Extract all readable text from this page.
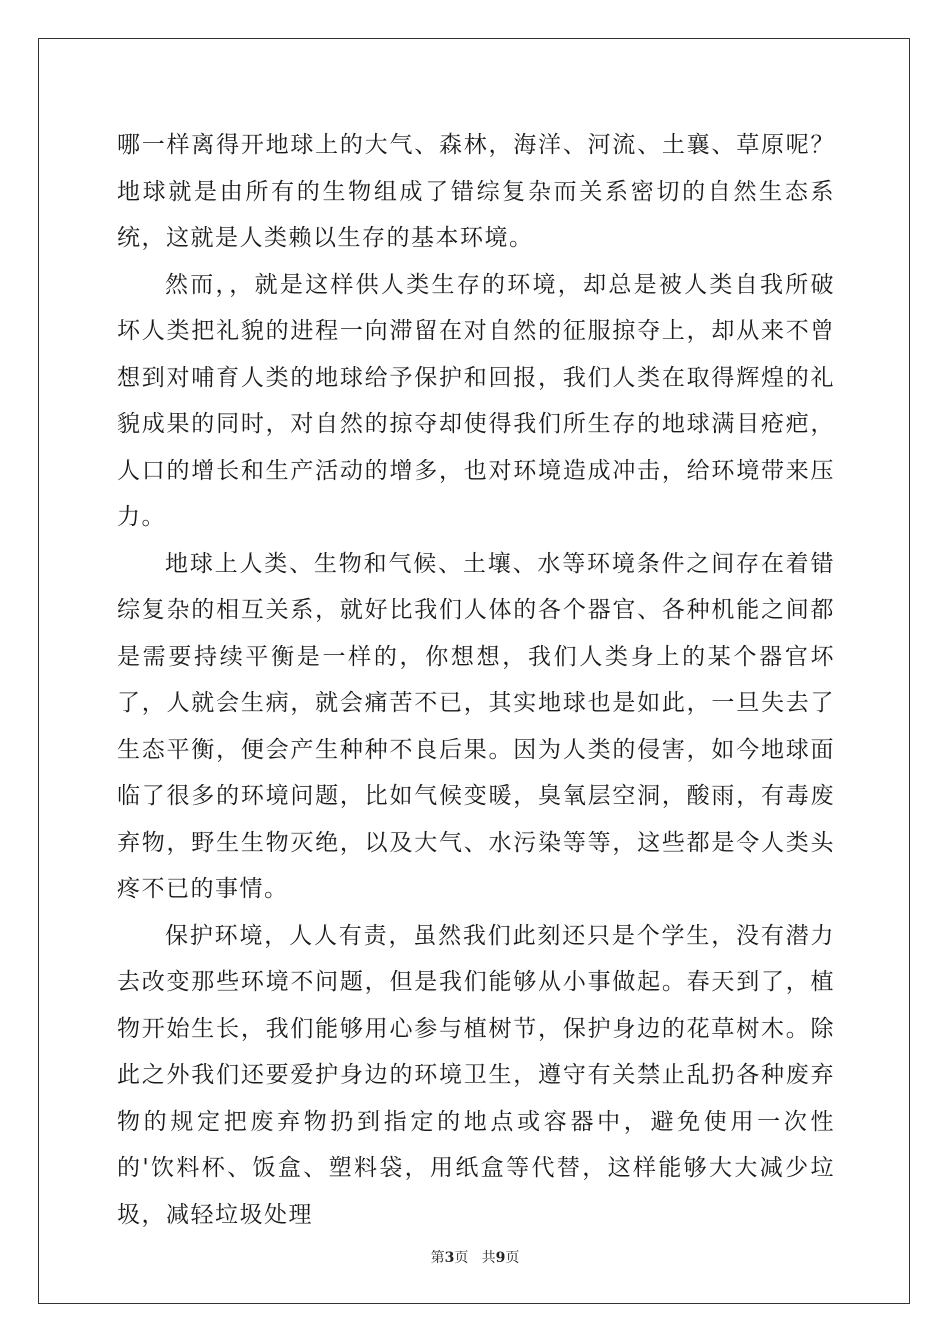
哪一样离得开地球上的大气、森林，海洋、河流、土襄、草原呢？地球就是由所有的生物组成了错综复杂而关系密切的自然生态系统，这就是人类赖以生存的基本环境。

然而，，就是这样供人类生存的环境，却总是被人类自我所破坏人类把礼貌的进程一向滞留在对自然的征服掠夺上，却从来不曾想到对哺育人类的地球给予保护和回报，我们人类在取得辉煌的礼貌成果的同时，对自然的掠夺却使得我们所生存的地球满目疮疤，人口的增长和生产活动的增多，也对环境造成冲击，给环境带来压力。

地球上人类、生物和气候、土壤、水等环境条件之间存在着错综复杂的相互关系，就好比我们人体的各个器官、各种机能之间都是需要持续平衡是一样的，你想想，我们人类身上的某个器官坏了，人就会生病，就会痛苦不已，其实地球也是如此，一旦失去了生态平衡，便会产生种种不良后果。因为人类的侵害，如今地球面临了很多的环境问题，比如气候变暖，臭氧层空洞，酸雨，有毒废弃物，野生生物灭绝，以及大气、水污染等等，这些都是令人类头疼不已的事情。

保护环境，人人有责，虽然我们此刻还只是个学生，没有潜力去改变那些环境不问题，但是我们能够从小事做起。春天到了，植物开始生长，我们能够用心参与植树节，保护身边的花草树木。除此之外我们还要爱护身边的环境卫生，遵守有关禁止乱扔各种废弃物的规定把废弃物扔到指定的地点或容器中，避免使用一次性的'饮料杯、饭盒、塑料袋，用纸盒等代替，这样能够大大减少垃圾，减轻垃圾处理

第3页 共9页
